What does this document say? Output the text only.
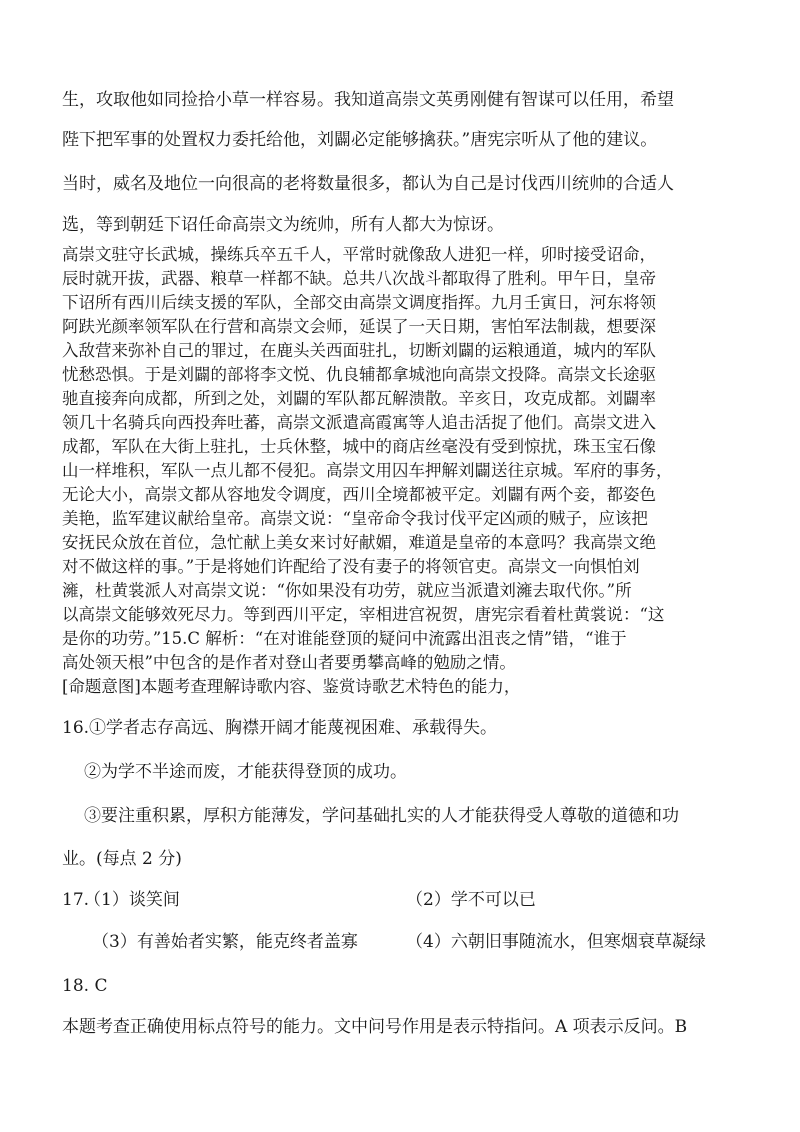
生，攻取他如同捡拾小草一样容易。我知道高崇文英勇刚健有智谋可以任用，希望
陛下把军事的处置权力委托给他，刘闢必定能够擒获。”唐宪宗听从了他的建议。
当时，威名及地位一向很高的老将数量很多，都认为自己是讨伐西川统帅的合适人
选，等到朝廷下诏任命高崇文为统帅，所有人都大为惊讶。
高崇文驻守长武城，操练兵卒五千人，平常时就像敌人进犯一样，卯时接受诏命，
辰时就开拔，武器、粮草一样都不缺。总共八次战斗都取得了胜利。甲午日，皇帝
下诏所有西川后续支援的军队，全部交由高崇文调度指挥。九月壬寅日，河东将领
阿趺光颜率领军队在行营和高崇文会师，延误了一天日期，害怕军法制裁，想要深
入敌营来弥补自己的罪过，在鹿头关西面驻扎，切断刘闢的运粮通道，城内的军队
忧愁恐惧。于是刘闢的部将李文悦、仇良辅都拿城池向高崇文投降。高崇文长途驱
驰直接奔向成都，所到之处，刘闢的军队都瓦解溃散。辛亥日，攻克成都。刘闢率
领几十名骑兵向西投奔吐蕃，高崇文派遣高霞寓等人追击活捉了他们。高崇文进入
成都，军队在大街上驻扎，士兵休整，城中的商店丝毫没有受到惊扰，珠玉宝石像
山一样堆积，军队一点儿都不侵犯。高崇文用囚车押解刘闢送往京城。军府的事务，
无论大小，高崇文都从容地发令调度，西川全境都被平定。刘闢有两个妾，都姿色
美艳，监军建议献给皇帝。高崇文说：“皇帝命令我讨伐平定凶顽的贼子，应该把
安抚民众放在首位，急忙献上美女来讨好献媚，难道是皇帝的本意吗？我高崇文绝
对不做这样的事。”于是将她们许配给了没有妻子的将领官吏。高崇文一向惧怕刘
澭，杜黄裳派人对高崇文说：“你如果没有功劳，就应当派遣刘澭去取代你。”所
以高崇文能够效死尽力。等到西川平定，宰相进宫祝贺，唐宪宗看着杜黄裳说：“这
是你的功劳。”15.C 解析：“在对谁能登顶的疑问中流露出沮丧之情”错，“谁于
高处领天根”中包含的是作者对登山者要勇攀高峰的勉励之情。
[命题意图]本题考查理解诗歌内容、鉴赏诗歌艺术特色的能力，
16.①学者志存高远、胸襟开阔才能蔑视困难、承载得失。
②为学不半途而废，才能获得登顶的成功。
③要注重积累，厚积方能薄发，学问基础扎实的人才能获得受人尊敬的道德和功
业。(每点 2 分)
17.
（1）谈笑间	（2）学不可以已
（3）有善始者实繁，能克终者盖寡	（4）六朝旧事随流水，但寒烟衰草凝绿
18. C
本题考查正确使用标点符号的能力。文中问号作用是表示特指问。A 项表示反问。B
